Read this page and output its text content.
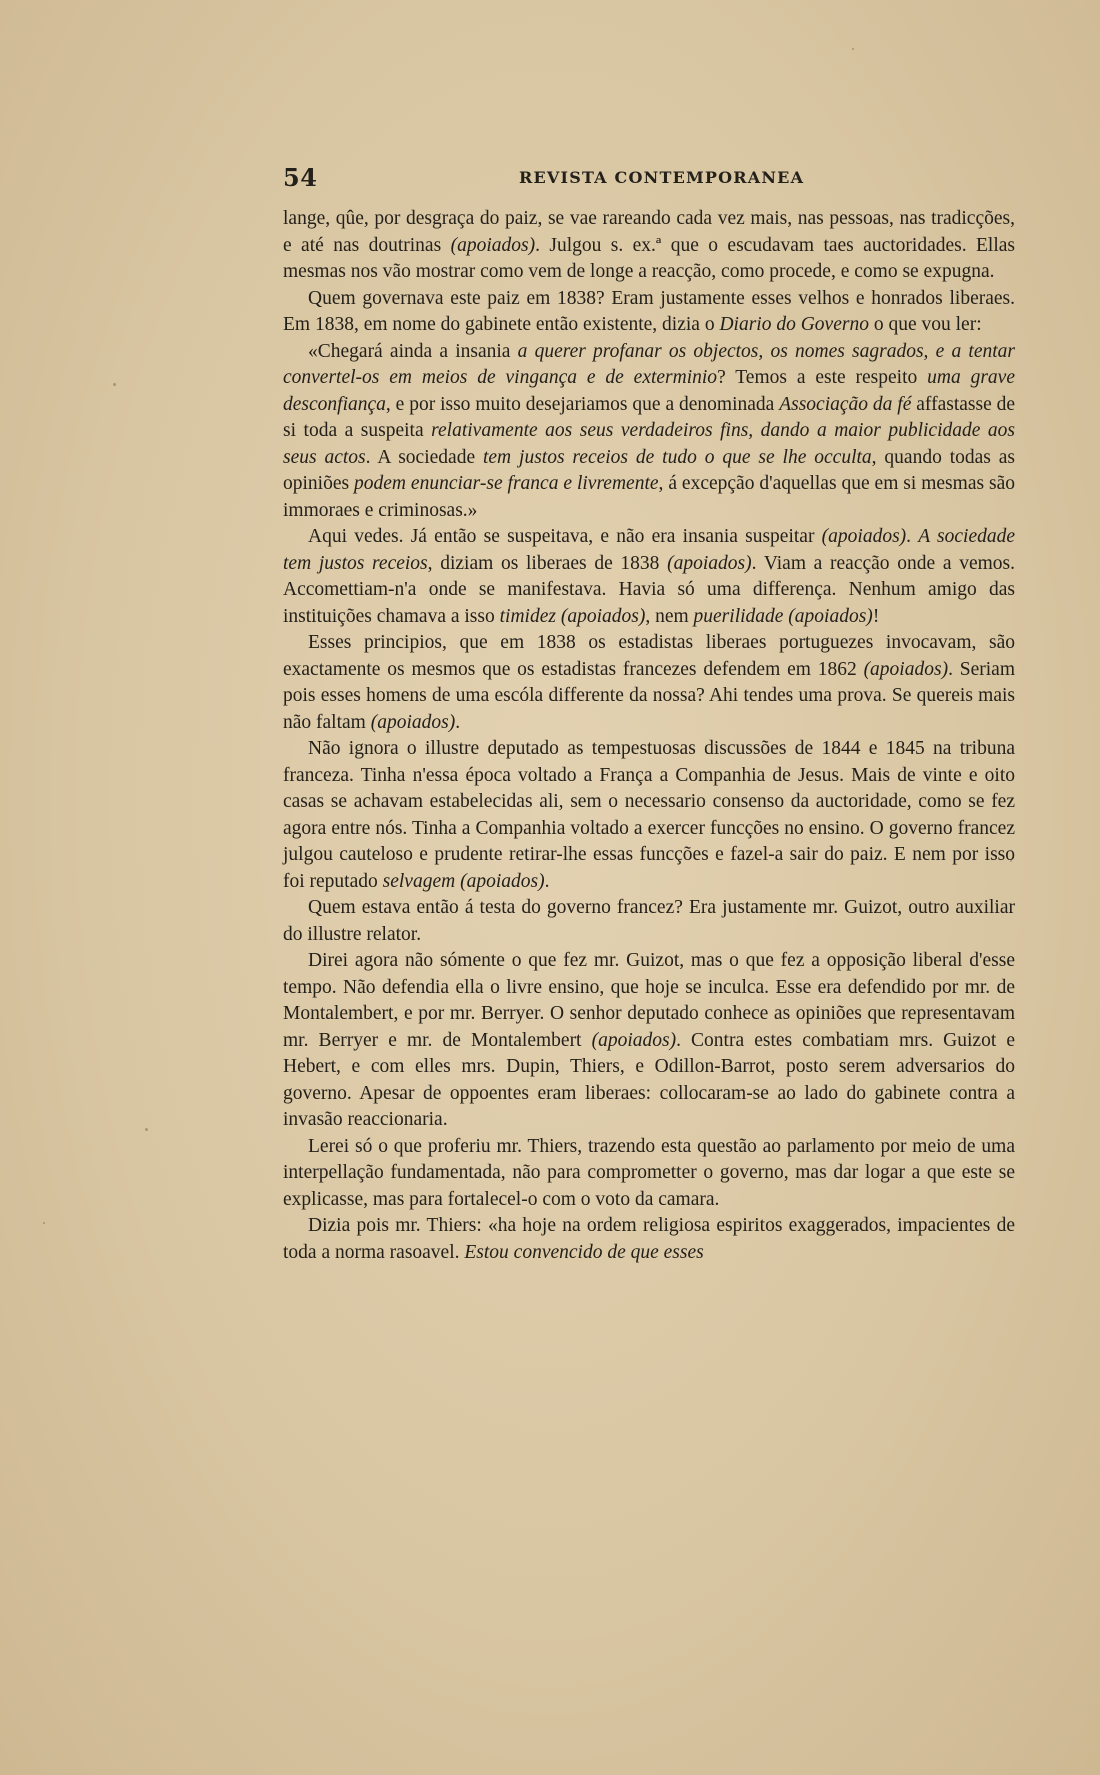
54	REVISTA CONTEMPORANEA

lange, qûe, por desgraça do paiz, se vae rareando cada vez mais, nas pessoas, nas tradicções, e até nas doutrinas (apoiados). Julgou s. ex.ª que o escudavam taes auctoridades. Ellas mesmas nos vão mostrar como vem de longe a reacção, como procede, e como se expugna.

Quem governava este paiz em 1838? Eram justamente esses velhos e honrados liberaes. Em 1838, em nome do gabinete então existente, dizia o Diario do Governo o que vou ler:

«Chegará ainda a insania a querer profanar os objectos, os nomes sagrados, e a tentar convertel-os em meios de vingança e de exterminio? Temos a este respeito uma grave desconfiança, e por isso muito desejariamos que a denominada Associação da fé affastasse de si toda a suspeita relativamente aos seus verdadeiros fins, dando a maior publicidade aos seus actos. A sociedade tem justos receios de tudo o que se lhe occulta, quando todas as opiniões podem enunciar-se franca e livremente, á excepção d'aquellas que em si mesmas são immoraes e criminosas.»

Aqui vedes. Já então se suspeitava, e não era insania suspeitar (apoiados). A sociedade tem justos receios, diziam os liberaes de 1838 (apoiados). Viam a reacção onde a vemos. Accomettiam-n'a onde se manifestava. Havia só uma differença. Nenhum amigo das instituições chamava a isso timidez (apoiados), nem puerilidade (apoiados)!

Esses principios, que em 1838 os estadistas liberaes portuguezes invocavam, são exactamente os mesmos que os estadistas francezes defendem em 1862 (apoiados). Seriam pois esses homens de uma escóla differente da nossa? Ahi tendes uma prova. Se quereis mais não faltam (apoiados).

Não ignora o illustre deputado as tempestuosas discussões de 1844 e 1845 na tribuna franceza. Tinha n'essa época voltado a França a Companhia de Jesus. Mais de vinte e oito casas se achavam estabelecidas ali, sem o necessario consenso da auctoridade, como se fez agora entre nós. Tinha a Companhia voltado a exercer funcções no ensino. O governo francez julgou cauteloso e prudente retirar-lhe essas funcções e fazel-a sair do paiz. E nem por isso foi reputado selvagem (apoiados).

Quem estava então á testa do governo francez? Era justamente mr. Guizot, outro auxiliar do illustre relator.

Direi agora não sómente o que fez mr. Guizot, mas o que fez a opposição liberal d'esse tempo. Não defendia ella o livre ensino, que hoje se inculca. Esse era defendido por mr. de Montalembert, e por mr. Berryer. O senhor deputado conhece as opiniões que representavam mr. Berryer e mr. de Montalembert (apoiados). Contra estes combatiam mrs. Guizot e Hebert, e com elles mrs. Dupin, Thiers, e Odillon-Barrot, posto serem adversarios do governo. Apesar de oppoentes eram liberaes: collocaram-se ao lado do gabinete contra a invasão reaccionaria.

Lerei só o que proferiu mr. Thiers, trazendo esta questão ao parlamento por meio de uma interpellação fundamentada, não para comprometter o governo, mas dar logar a que este se explicasse, mas para fortalecel-o com o voto da camara.

Dizia pois mr. Thiers: «ha hoje na ordem religiosa espiritos exaggerados, impacientes de toda a norma rasoavel. Estou convencido de que esses
